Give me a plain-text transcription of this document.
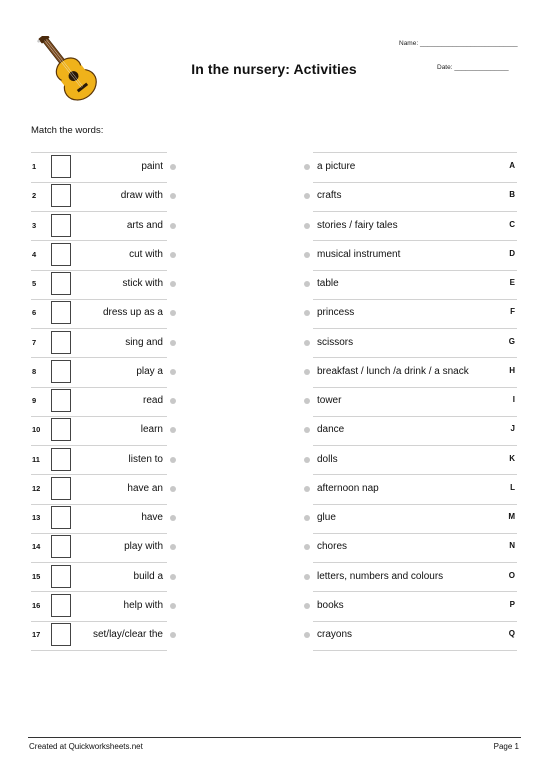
In the nursery: Activities
Name: ___________________________
Date: _______________
Match the words:
1	paint	a picture	A
2	draw with	crafts	B
3	arts and	stories / fairy tales	C
4	cut with	musical instrument	D
5	stick with	table	E
6	dress up as a	princess	F
7	sing and	scissors	G
8	play a	breakfast / lunch /a drink / a snack	H
9	read	tower	I
10	learn	dance	J
11	listen to	dolls	K
12	have an	afternoon nap	L
13	have	glue	M
14	play with	chores	N
15	build a	letters, numbers and colours	O
16	help with	books	P
17	set/lay/clear the	crayons	Q
Created at Quickworksheets.net	Page 1
